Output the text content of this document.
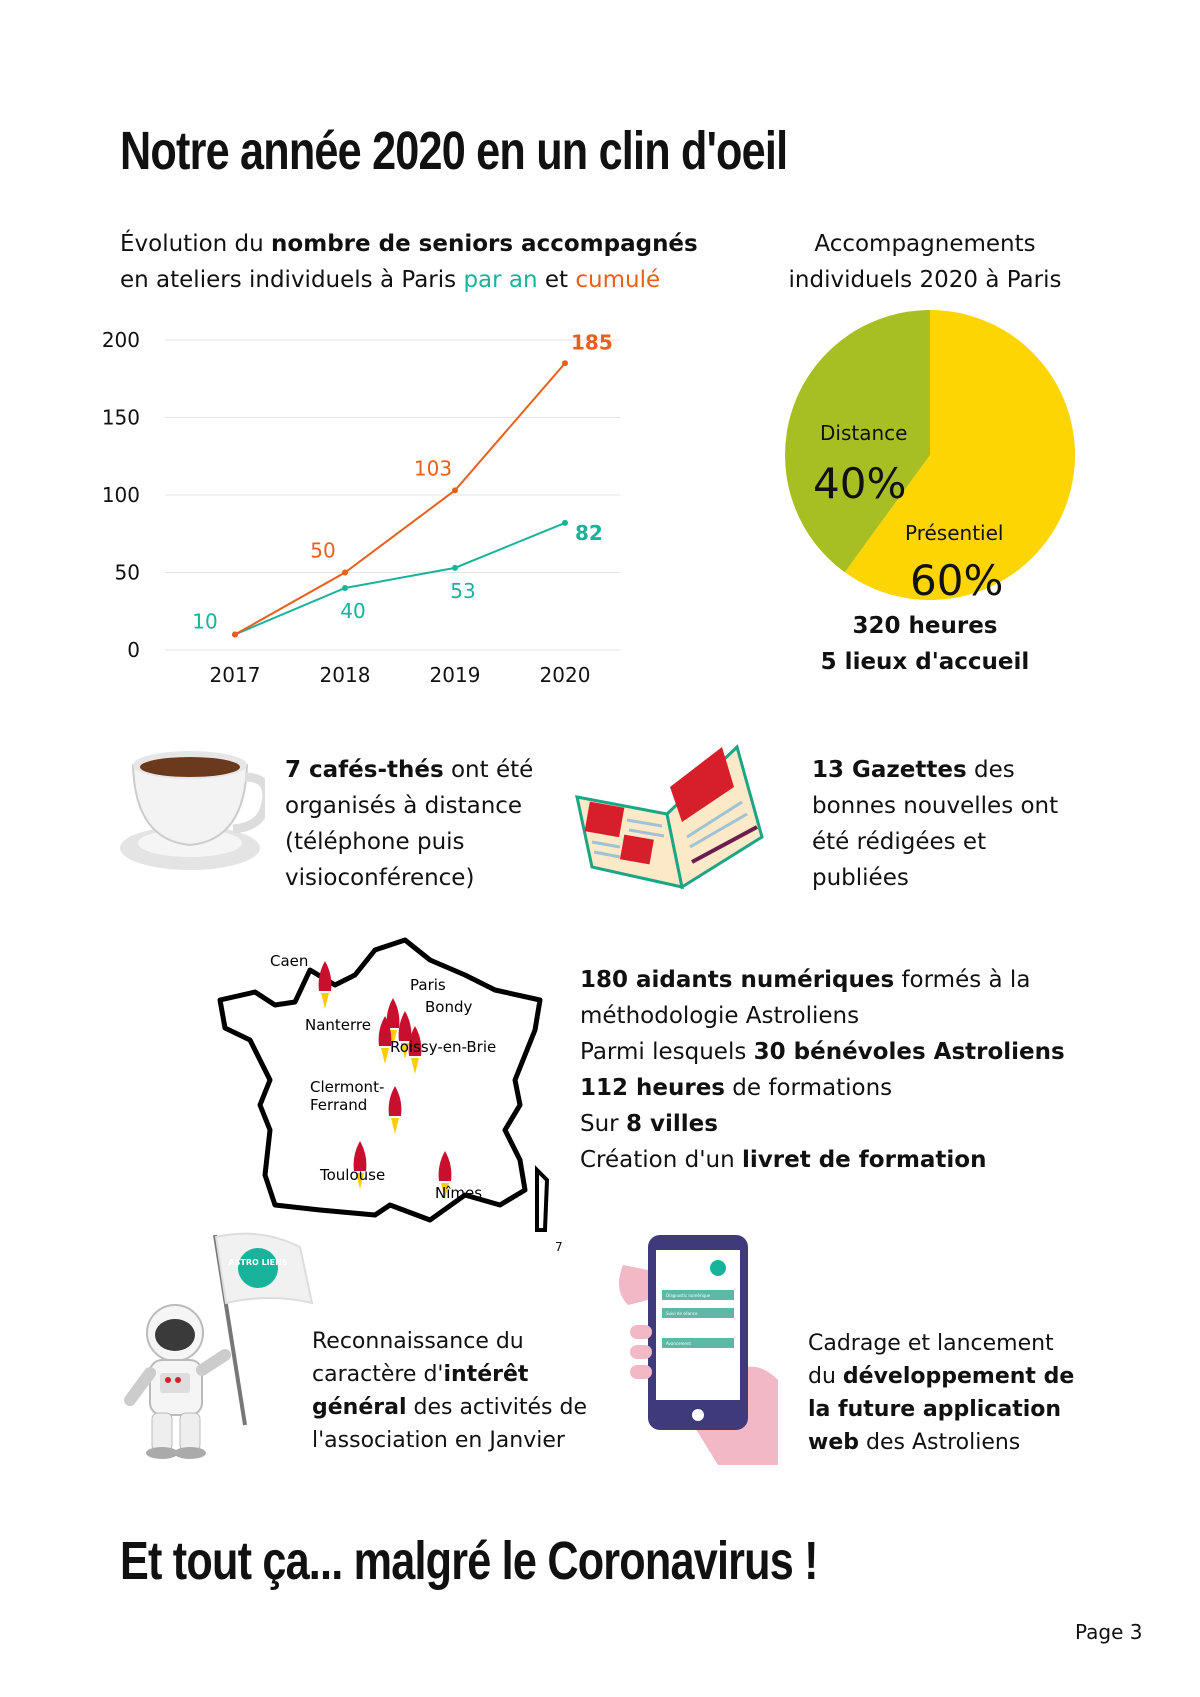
Notre année 2020 en un clin d'oeil
Évolution du nombre de seniors accompagnés
en ateliers individuels à Paris par an et cumulé
0
50
100
150
200
2017	2018	2019	2020
10	40
53
82
50
103
185
Accompagnements
individuels 2020 à Paris
Distance
40%
Présentiel
60%
320 heures
5 lieux d'accueil
7 cafés-thés ont été
organisés à distance
(téléphone puis
visioconférence)
13 Gazettes des
bonnes nouvelles ont
été rédigées et
publiées
Caen
Paris
Bondy
Nanterre
Roissy-en-Brie
Clermont-
Ferrand
Toulouse
Nîmes
180 aidants numériques formés à la
méthodologie Astroliens
Parmi lesquels 30 bénévoles Astroliens
112 heures de formations
Sur 8 villes
Création d'un livret de formation
7
ASTRO LIENS
Reconnaissance du
caractère d'intérêt
général des activités de
l'association en Janvier
Diagnostic numérique
Suivi de séance
Avancement	Cadrage et lancement
du développement de
la future application
web des Astroliens
Et tout ça... malgré le Coronavirus !
Page 3
